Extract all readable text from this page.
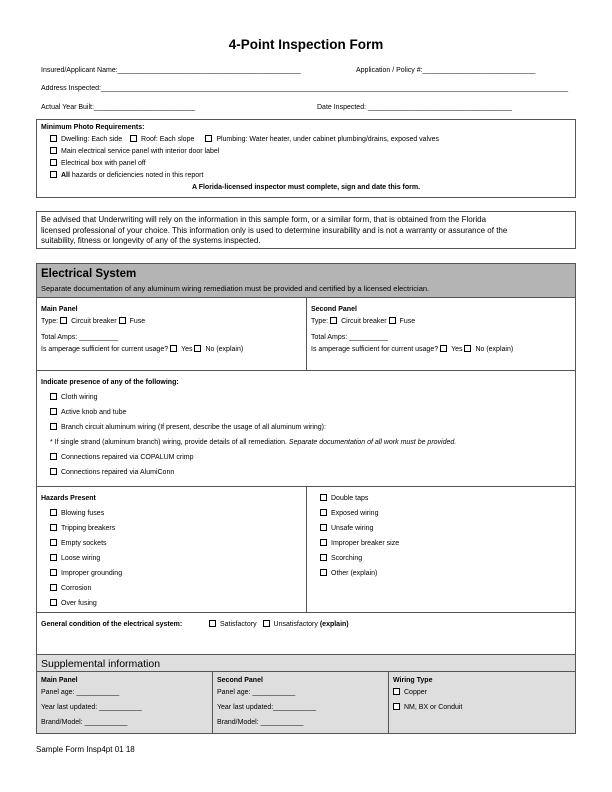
4-Point Inspection Form
Insured/Applicant Name:_______________________________________________	Application / Policy #:_____________________________
Address Inspected:________________________________________________________________________________________________________________________
Actual Year Built:__________________________	Date Inspected: _____________________________________
Minimum Photo Requirements:
Dwelling: Each side	Roof: Each slope	Plumbing: Water heater, under cabinet plumbing/drains, exposed valves
Main electrical service panel with interior door label
Electrical box with panel off
All hazards or deficiencies noted in this report
A Florida-licensed inspector must complete, sign and date this form.
Be advised that Underwriting will rely on the information in this sample form, or a similar form, that is obtained from the Florida
licensed professional of your choice. This information only is used to determine insurability and is not a warranty or assurance of the
suitability, fitness or longevity of any of the systems inspected.
Electrical System
Separate documentation of any aluminum wiring remediation must be provided and certified by a licensed electrician.
Main Panel
Type: Circuit breaker Fuse
Total Amps: __________
Is amperage sufficient for current usage? Yes No (explain)
Second Panel
Type: Circuit breaker Fuse
Total Amps: __________
Is amperage sufficient for current usage? Yes No (explain)
Indicate presence of any of the following:
Cloth wiring
Active knob and tube
Branch circuit aluminum wiring (If present, describe the usage of all aluminum wiring):
* If single strand (aluminum branch) wiring, provide details of all remediation. Separate documentation of all work must be provided.
Connections repaired via COPALUM crimp
Connections repaired via AlumiConn
Hazards Present
Blowing fuses
Tripping breakers
Empty sockets
Loose wiring
Improper grounding
Corrosion
Over fusing
Double taps
Exposed wiring
Unsafe wiring
Improper breaker size
Scorching
Other (explain)
General condition of the electrical system:	Satisfactory Unsatisfactory (explain)
Supplemental information
Main Panel
Panel age: ___________
Year last updated: ___________
Brand/Model: ___________
Second Panel
Panel age: ___________
Year last updated:___________
Brand/Model: ___________
Wiring Type
Copper
NM, BX or Conduit
Sample Form Insp4pt 01 18
